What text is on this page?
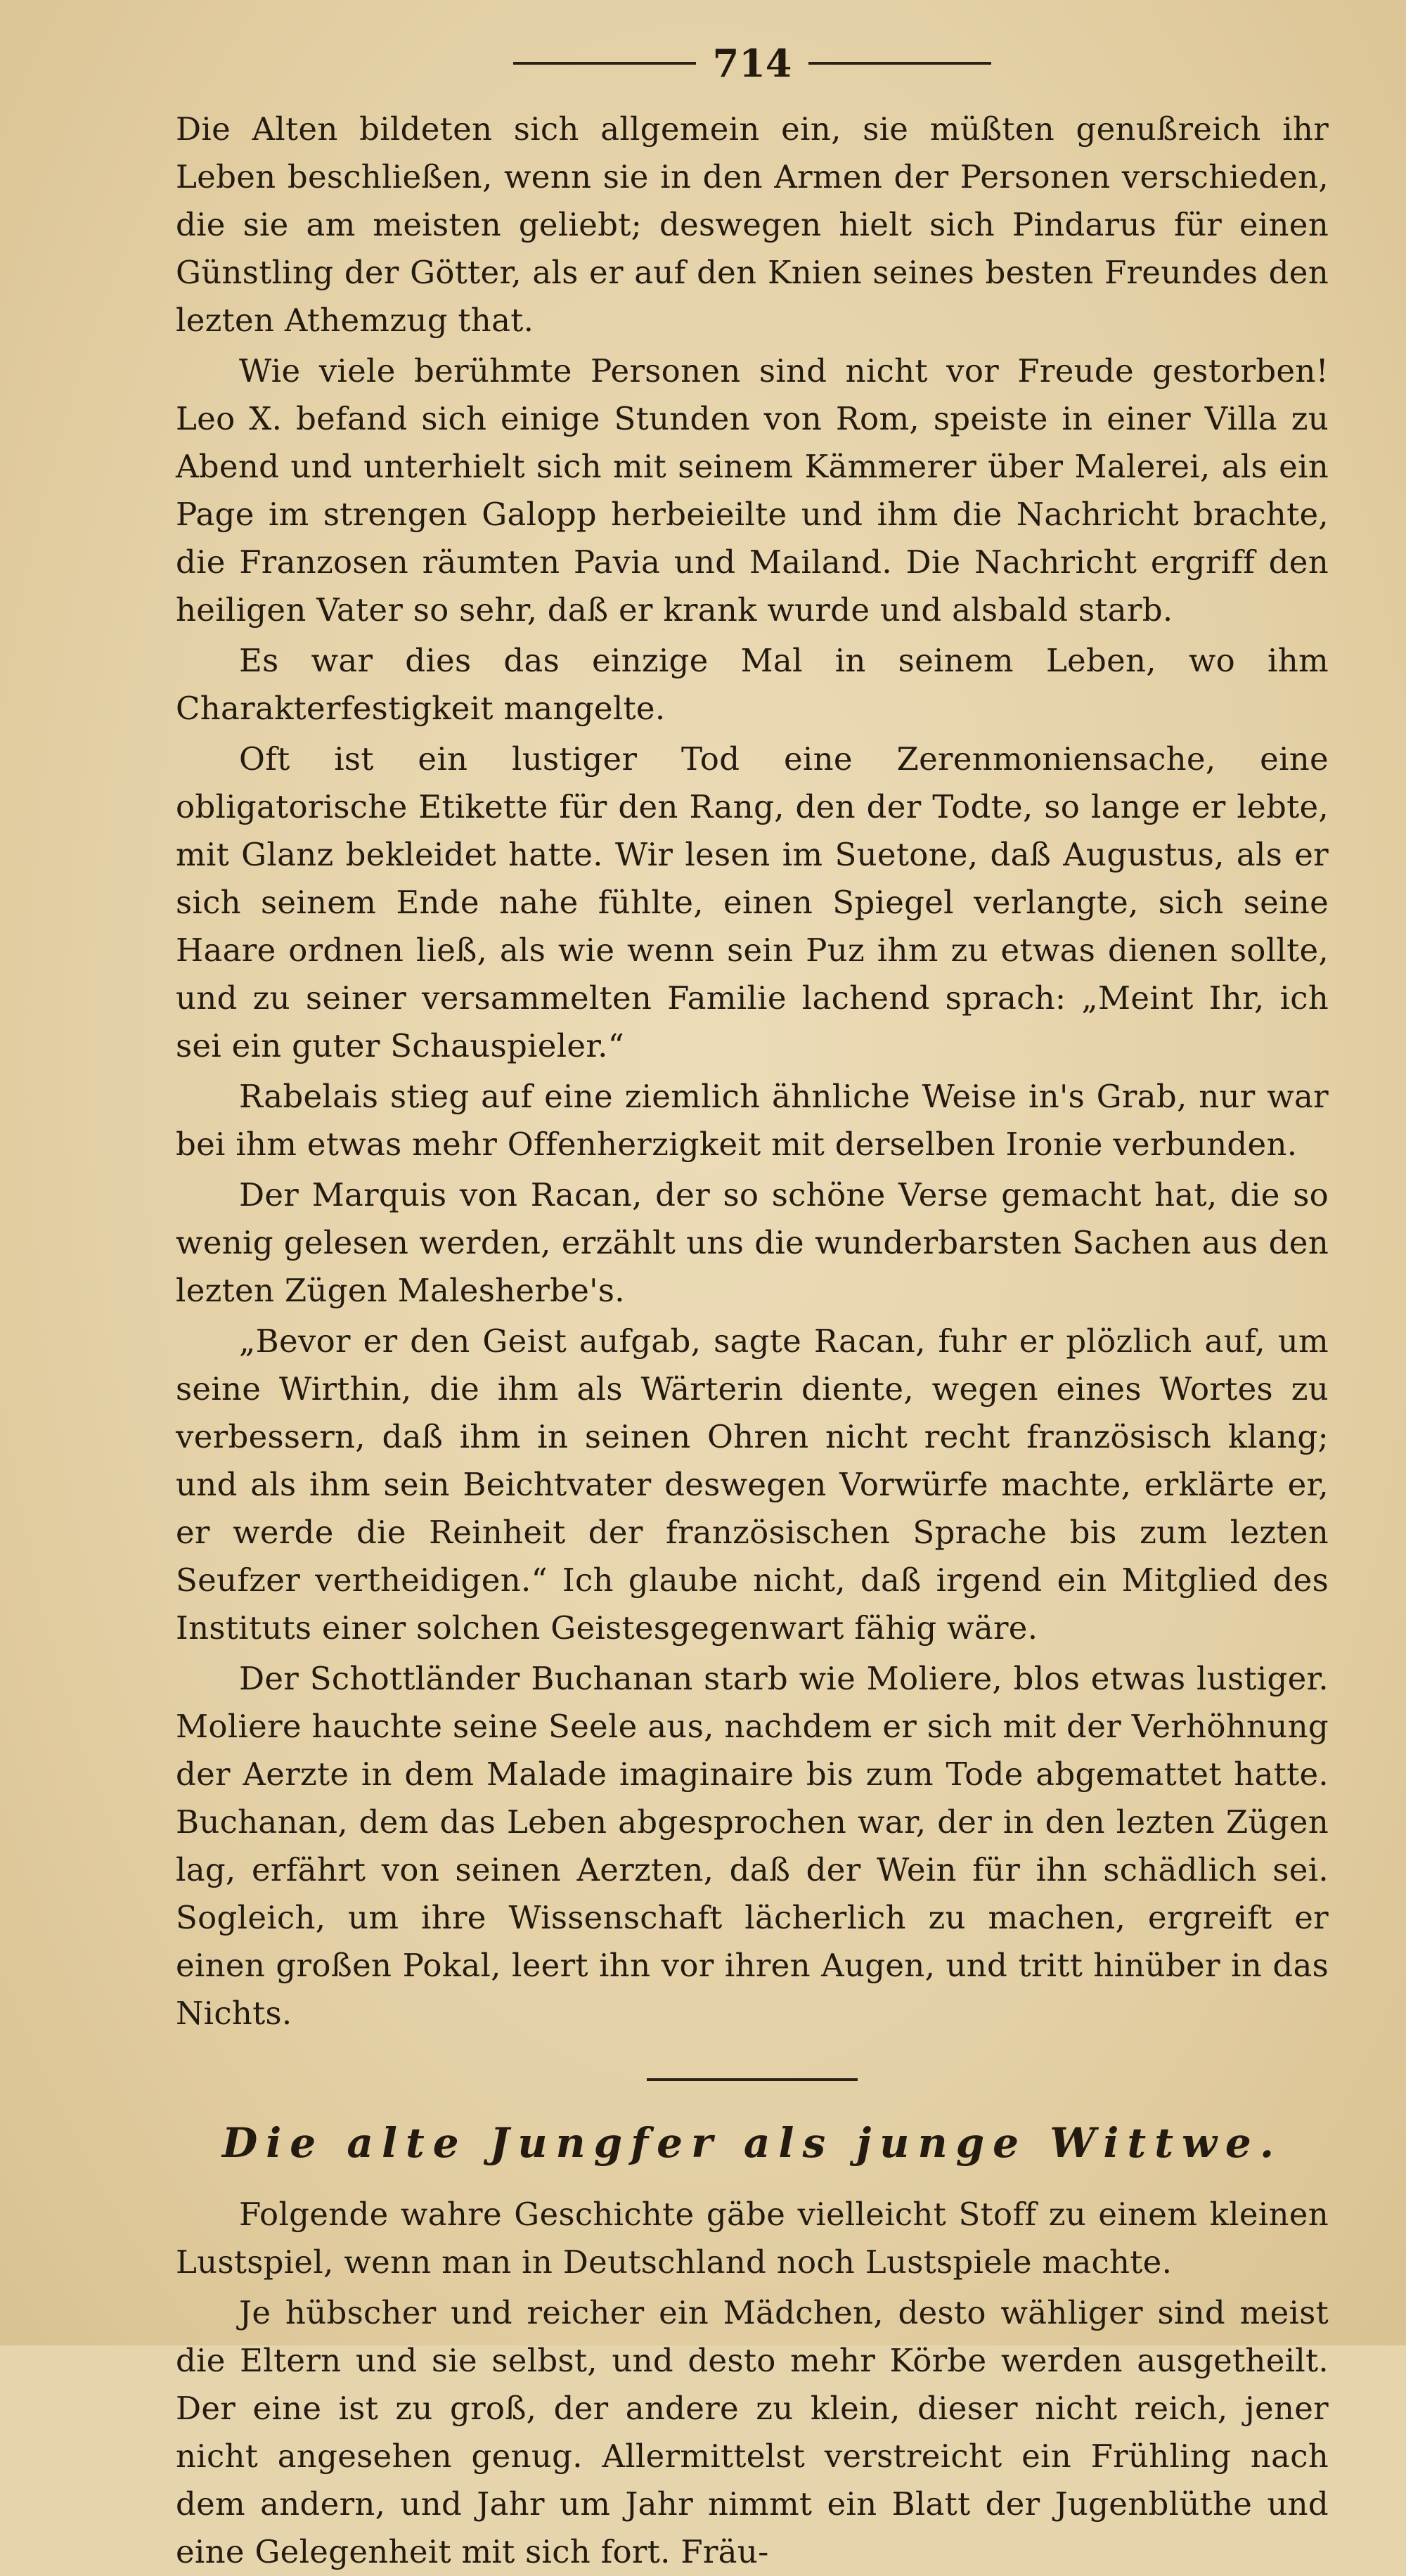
714

Die Alten bildeten sich allgemein ein, sie müßten genußreich ihr Leben beschließen, wenn sie in den Armen der Personen verschieden, die sie am meisten geliebt; deswegen hielt sich Pindarus für einen Günstling der Götter, als er auf den Knien seines besten Freundes den lezten Athemzug that.

Wie viele berühmte Personen sind nicht vor Freude gestorben! Leo X. befand sich einige Stunden von Rom, speiste in einer Villa zu Abend und unterhielt sich mit seinem Kämmerer über Malerei, als ein Page im strengen Galopp herbeieilte und ihm die Nachricht brachte, die Franzosen räumten Pavia und Mailand. Die Nachricht ergriff den heiligen Vater so sehr, daß er krank wurde und alsbald starb.

Es war dies das einzige Mal in seinem Leben, wo ihm Charakterfestigkeit mangelte.

Oft ist ein lustiger Tod eine Zerenmoniensache, eine obligatorische Etikette für den Rang, den der Todte, so lange er lebte, mit Glanz bekleidet hatte. Wir lesen im Suetone, daß Augustus, als er sich seinem Ende nahe fühlte, einen Spiegel verlangte, sich seine Haare ordnen ließ, als wie wenn sein Puz ihm zu etwas dienen sollte, und zu seiner versammelten Familie lachend sprach: „Meint Ihr, ich sei ein guter Schauspieler.“

Rabelais stieg auf eine ziemlich ähnliche Weise in's Grab, nur war bei ihm etwas mehr Offenherzigkeit mit derselben Ironie verbunden.

Der Marquis von Racan, der so schöne Verse gemacht hat, die so wenig gelesen werden, erzählt uns die wunderbarsten Sachen aus den lezten Zügen Malesherbe's.

„Bevor er den Geist aufgab, sagte Racan, fuhr er plözlich auf, um seine Wirthin, die ihm als Wärterin diente, wegen eines Wortes zu verbessern, daß ihm in seinen Ohren nicht recht französisch klang; und als ihm sein Beichtvater deswegen Vorwürfe machte, erklärte er, er werde die Reinheit der französischen Sprache bis zum lezten Seufzer vertheidigen.“ Ich glaube nicht, daß irgend ein Mitglied des Instituts einer solchen Geistesgegenwart fähig wäre.

Der Schottländer Buchanan starb wie Moliere, blos etwas lustiger. Moliere hauchte seine Seele aus, nachdem er sich mit der Verhöhnung der Aerzte in dem Malade imaginaire bis zum Tode abgemattet hatte. Buchanan, dem das Leben abgesprochen war, der in den lezten Zügen lag, erfährt von seinen Aerzten, daß der Wein für ihn schädlich sei. Sogleich, um ihre Wissenschaft lächerlich zu machen, ergreift er einen großen Pokal, leert ihn vor ihren Augen, und tritt hinüber in das Nichts.

Die alte Jungfer als junge Wittwe.

Folgende wahre Geschichte gäbe vielleicht Stoff zu einem kleinen Lustspiel, wenn man in Deutschland noch Lustspiele machte.

Je hübscher und reicher ein Mädchen, desto wähliger sind meist die Eltern und sie selbst, und desto mehr Körbe werden ausgetheilt. Der eine ist zu groß, der andere zu klein, dieser nicht reich, jener nicht angesehen genug. Allermittelst verstreicht ein Frühling nach dem andern, und Jahr um Jahr nimmt ein Blatt der Jugenblüthe und eine Gelegenheit mit sich fort. Fräu-
